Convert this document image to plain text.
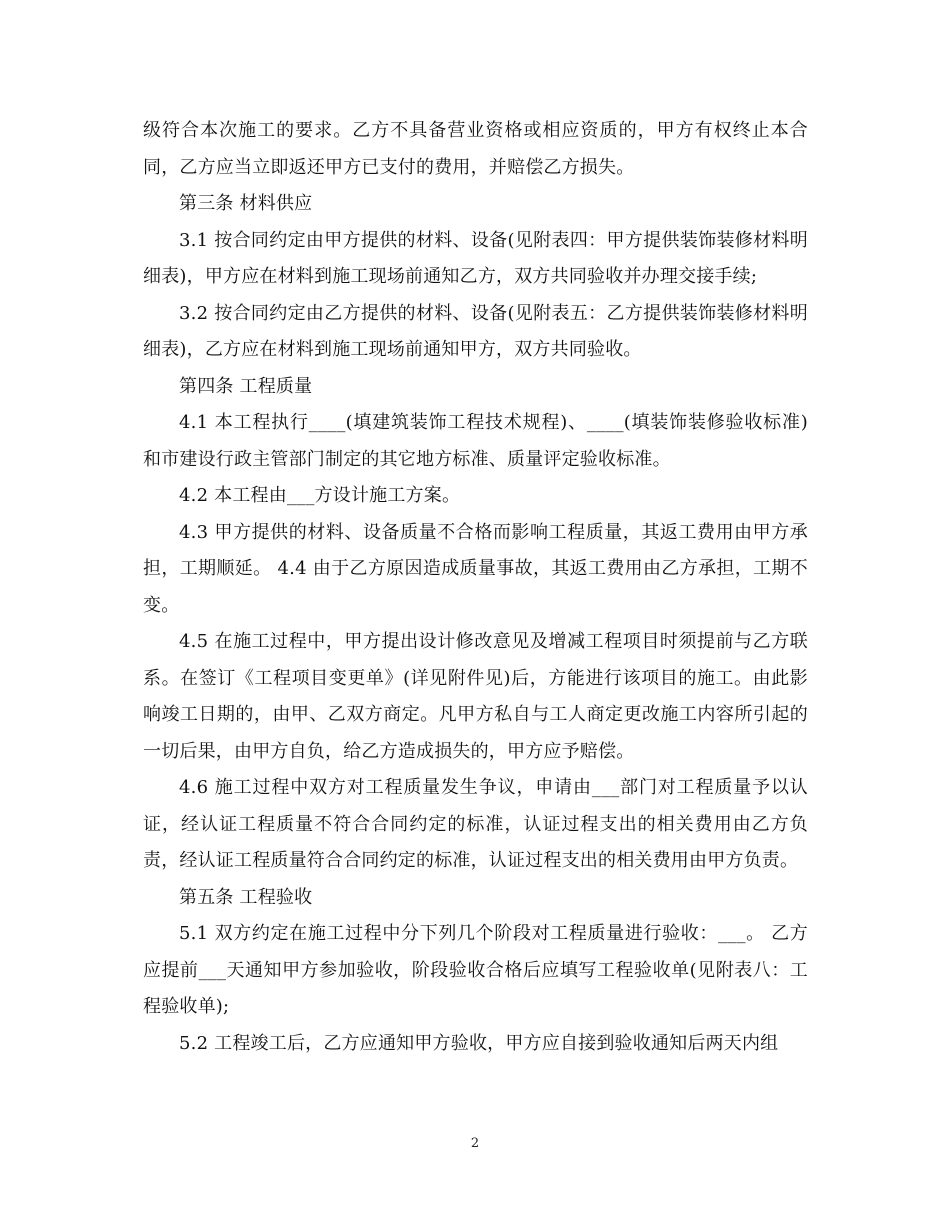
级符合本次施工的要求。乙方不具备营业资格或相应资质的，甲方有权终止本合同，乙方应当立即返还甲方已支付的费用，并赔偿乙方损失。

第三条 材料供应

3.1 按合同约定由甲方提供的材料、设备(见附表四：甲方提供装饰装修材料明细表)，甲方应在材料到施工现场前通知乙方，双方共同验收并办理交接手续;

3.2 按合同约定由乙方提供的材料、设备(见附表五：乙方提供装饰装修材料明细表)，乙方应在材料到施工现场前通知甲方，双方共同验收。

第四条 工程质量

4.1 本工程执行____(填建筑装饰工程技术规程)、____(填装饰装修验收标准)和市建设行政主管部门制定的其它地方标准、质量评定验收标准。

4.2 本工程由___方设计施工方案。

4.3 甲方提供的材料、设备质量不合格而影响工程质量，其返工费用由甲方承担，工期顺延。 4.4 由于乙方原因造成质量事故，其返工费用由乙方承担，工期不变。

4.5 在施工过程中，甲方提出设计修改意见及增减工程项目时须提前与乙方联系。在签订《工程项目变更单》(详见附件见)后，方能进行该项目的施工。由此影响竣工日期的，由甲、乙双方商定。凡甲方私自与工人商定更改施工内容所引起的一切后果，由甲方自负，给乙方造成损失的，甲方应予赔偿。

4.6 施工过程中双方对工程质量发生争议，申请由___部门对工程质量予以认证，经认证工程质量不符合合同约定的标准，认证过程支出的相关费用由乙方负责，经认证工程质量符合合同约定的标准，认证过程支出的相关费用由甲方负责。

第五条 工程验收

5.1 双方约定在施工过程中分下列几个阶段对工程质量进行验收：___。 乙方应提前___天通知甲方参加验收，阶段验收合格后应填写工程验收单(见附表八：工程验收单);

5.2 工程竣工后，乙方应通知甲方验收，甲方应自接到验收通知后两天内组

2
